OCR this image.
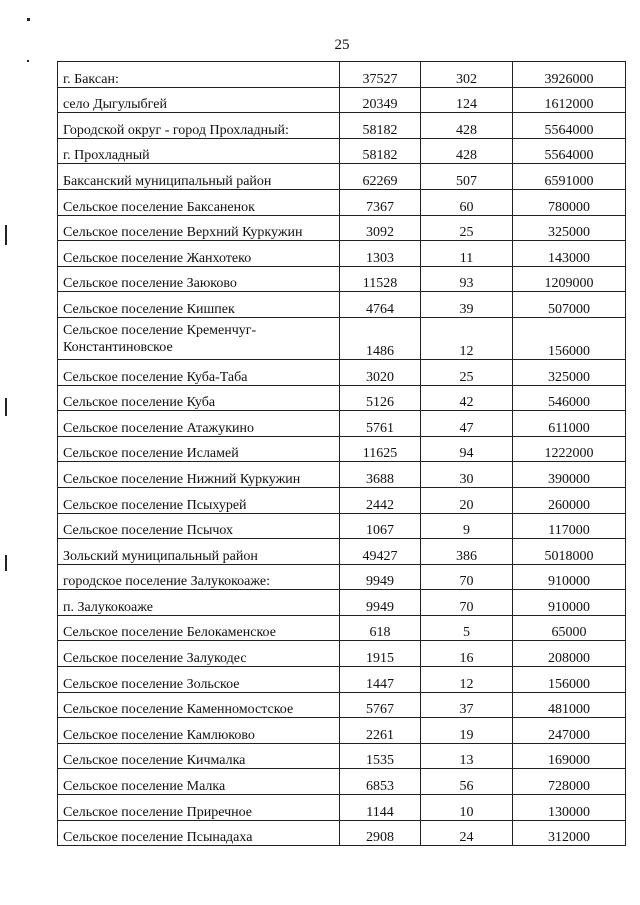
25
г. Баксан:	37527	302	3926000
село Дыгулыбгей	20349	124	1612000
Городской округ - город Прохладный:	58182	428	5564000
г. Прохладный	58182	428	5564000
Баксанский муниципальный район	62269	507	6591000
Сельское поселение Баксаненок	7367	60	780000
Сельское поселение Верхний Куркужин	3092	25	325000
Сельское поселение Жанхотеко	1303	11	143000
Сельское поселение Заюково	11528	93	1209000
Сельское поселение Кишпек	4764	39	507000
Сельское поселение Кременчуг-Константиновское	1486	12	156000
Сельское поселение Куба-Таба	3020	25	325000
Сельское поселение Куба	5126	42	546000
Сельское поселение Атажукино	5761	47	611000
Сельское поселение Исламей	11625	94	1222000
Сельское поселение Нижний Куркужин	3688	30	390000
Сельское поселение Псыхурей	2442	20	260000
Сельское поселение Псычох	1067	9	117000
Зольский муниципальный район	49427	386	5018000
городское поселение Залукокоаже:	9949	70	910000
п. Залукокоаже	9949	70	910000
Сельское поселение Белокаменское	618	5	65000
Сельское поселение Залукодес	1915	16	208000
Сельское поселение Зольское	1447	12	156000
Сельское поселение Каменномостское	5767	37	481000
Сельское поселение Камлюково	2261	19	247000
Сельское поселение Кичмалка	1535	13	169000
Сельское поселение Малка	6853	56	728000
Сельское поселение Приречное	1144	10	130000
Сельское поселение Псынадаха	2908	24	312000
